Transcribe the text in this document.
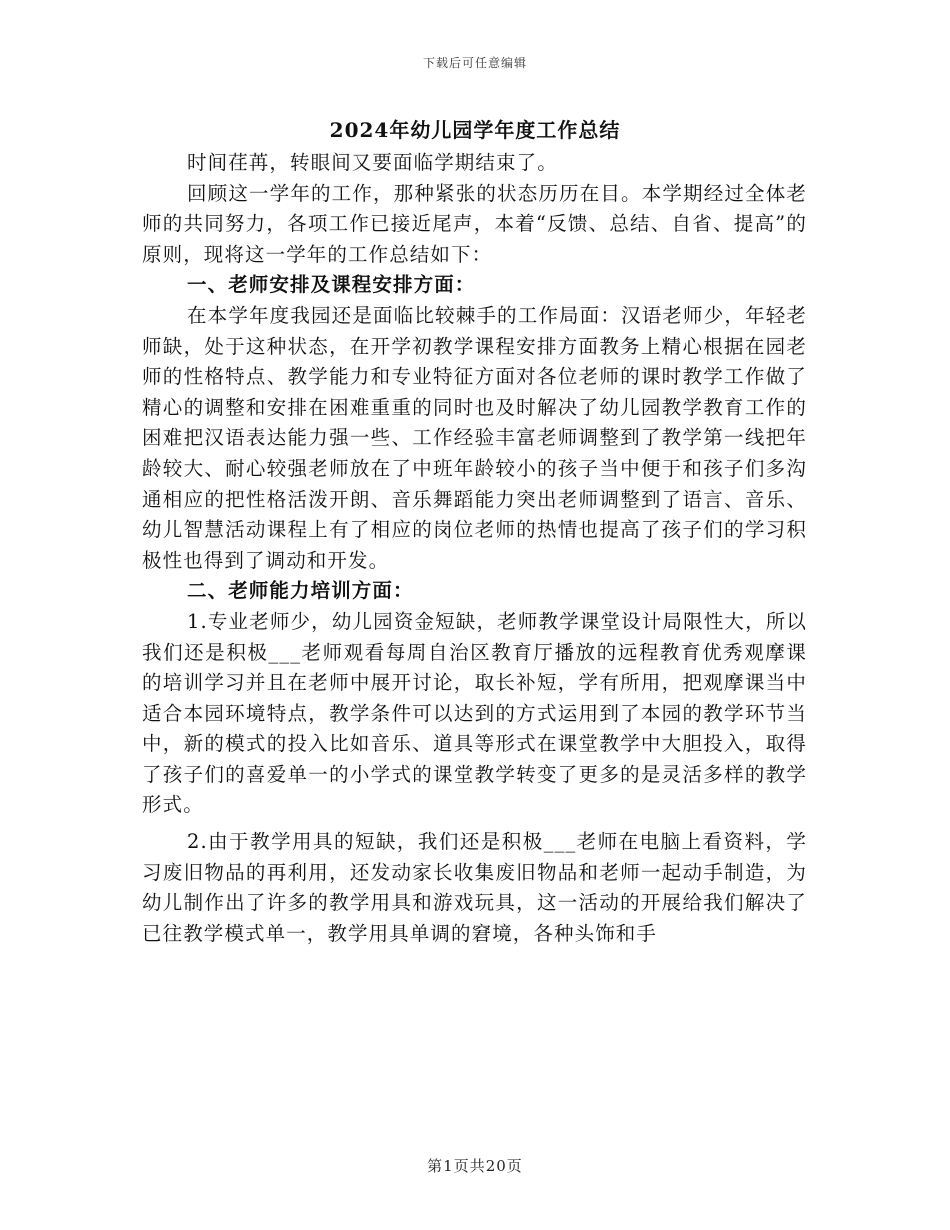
下载后可任意编辑
2024年幼儿园学年度工作总结

时间荏苒，转眼间又要面临学期结束了。

回顾这一学年的工作，那种紧张的状态历历在目。本学期经过全体老师的共同努力，各项工作已接近尾声，本着“反馈、总结、自省、提高”的原则，现将这一学年的工作总结如下：

一、老师安排及课程安排方面：

在本学年度我园还是面临比较棘手的工作局面：汉语老师少，年轻老师缺，处于这种状态，在开学初教学课程安排方面教务上精心根据在园老师的性格特点、教学能力和专业特征方面对各位老师的课时教学工作做了精心的调整和安排在困难重重的同时也及时解决了幼儿园教学教育工作的困难把汉语表达能力强一些、工作经验丰富老师调整到了教学第一线把年龄较大、耐心较强老师放在了中班年龄较小的孩子当中便于和孩子们多沟通相应的把性格活泼开朗、音乐舞蹈能力突出老师调整到了语言、音乐、幼儿智慧活动课程上有了相应的岗位老师的热情也提高了孩子们的学习积极性也得到了调动和开发。

二、老师能力培训方面：

1.专业老师少，幼儿园资金短缺，老师教学课堂设计局限性大，所以我们还是积极___老师观看每周自治区教育厅播放的远程教育优秀观摩课的培训学习并且在老师中展开讨论，取长补短，学有所用，把观摩课当中适合本园环境特点，教学条件可以达到的方式运用到了本园的教学环节当中，新的模式的投入比如音乐、道具等形式在课堂教学中大胆投入，取得了孩子们的喜爱单一的小学式的课堂教学转变了更多的是灵活多样的教学形式。

2.由于教学用具的短缺，我们还是积极___老师在电脑上看资料，学习废旧物品的再利用，还发动家长收集废旧物品和老师一起动手制造，为幼儿制作出了许多的教学用具和游戏玩具，这一活动的开展给我们解决了已往教学模式单一，教学用具单调的窘境，各种头饰和手

第1页共20页
